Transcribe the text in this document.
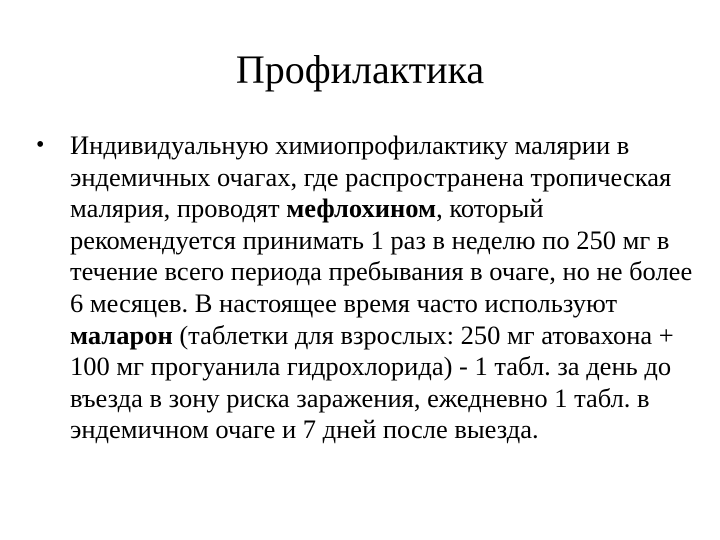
Профилактика
• Индивидуальную химиопрофилактику малярии в эндемичных очагах, где распространена тропическая малярия, проводят мефлохином, который рекомендуется принимать 1 раз в неделю по 250 мг в течение всего периода пребывания в очаге, но не более 6 месяцев. В настоящее время часто используют маларон (таблетки для взрослых: 250 мг атовахона + 100 мг прогуанила гидрохлорида) - 1 табл. за день до въезда в зону риска заражения, ежедневно 1 табл. в эндемичном очаге и 7 дней после выезда.
